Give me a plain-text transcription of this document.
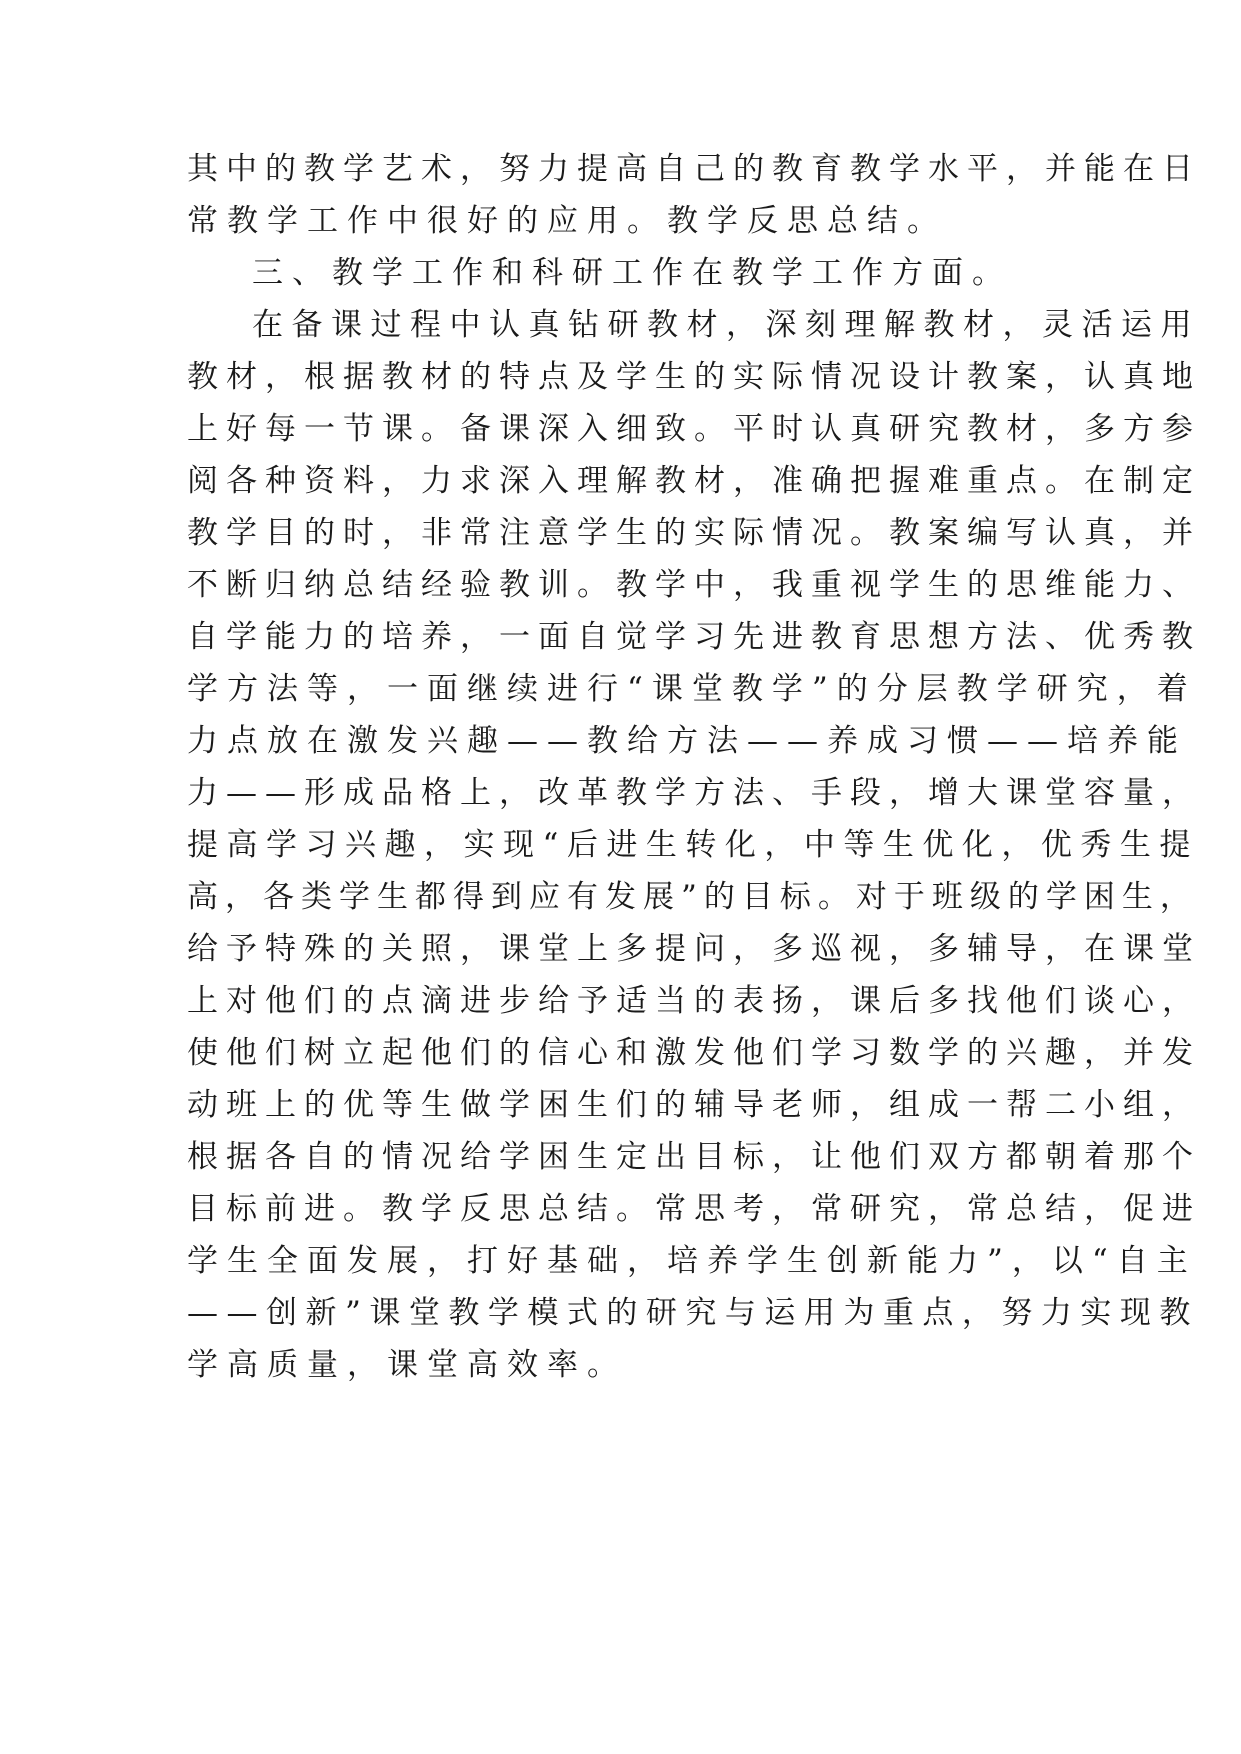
其中的教学艺术，努力提高自己的教育教学水平，并能在日
常教学工作中很好的应用。教学反思总结。
三、教学工作和科研工作在教学工作方面。
在备课过程中认真钻研教材，深刻理解教材，灵活运用
教材，根据教材的特点及学生的实际情况设计教案，认真地
上好每一节课。备课深入细致。平时认真研究教材，多方参
阅各种资料，力求深入理解教材，准确把握难重点。在制定
教学目的时，非常注意学生的实际情况。教案编写认真，并
不断归纳总结经验教训。教学中，我重视学生的思维能力、
自学能力的培养，一面自觉学习先进教育思想方法、优秀教
学方法等，一面继续进行“课堂教学”的分层教学研究，着
力点放在激发兴趣——教给方法——养成习惯——培养能
力——形成品格上，改革教学方法、手段，增大课堂容量，
提高学习兴趣，实现“后进生转化，中等生优化，优秀生提
高，各类学生都得到应有发展”的目标。对于班级的学困生，
给予特殊的关照，课堂上多提问，多巡视，多辅导，在课堂
上对他们的点滴进步给予适当的表扬，课后多找他们谈心，
使他们树立起他们的信心和激发他们学习数学的兴趣，并发
动班上的优等生做学困生们的辅导老师，组成一帮二小组，
根据各自的情况给学困生定出目标，让他们双方都朝着那个
目标前进。教学反思总结。常思考，常研究，常总结，促进
学生全面发展，打好基础，培养学生创新能力”，以“自主
——创新”课堂教学模式的研究与运用为重点，努力实现教
学高质量，课堂高效率。
